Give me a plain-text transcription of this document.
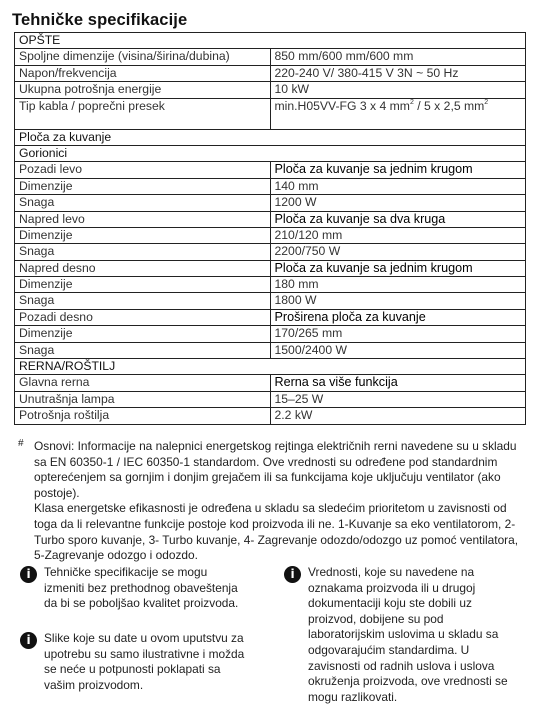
Tehničke specifikacije
OPŠTE	
Spoljne dimenzije (visina/širina/dubina)	850 mm/600 mm/600 mm
Napon/frekvencija	220-240 V/ 380-415 V 3N ~ 50 Hz
Ukupna potrošnja energije	10 kW
Tip kabla / poprečni presek	min.H05VV-FG 3 x 4 $mm^2 / 5$ x 2,5 $mm^2$
Ploča za kuvanje	
Gorionici	
Pozadi levo	Ploča za kuvanje sa jednim krugom
Dimenzije	140 mm
Snaga	1200 W
Napred levo	Ploča za kuvanje sa dva kruga
Dimenzije	210/120 mm
Snaga	2200/750 W
Napred desno	Ploča za kuvanje sa jednim krugom
Dimenzije	180 mm
Snaga	1800 W
Pozadi desno	Proširena ploča za kuvanje
Dimenzije	170/265 mm
Snaga	1500/2400 W
RERNA/ROŠTILJ	
Glavna rerna	Rerna sa više funkcija
Unutrašnja lampa	15–25 W
Potrošnja roštilja	2.2 kW
# Osnovi: Informacije na nalepnici energetskog rejtinga električnih rerni navedene su u skladu sa EN 60350-1 / IEC 60350-1 standardom. Ove vrednosti su određene pod standardnim opterećenjem sa gornjim i donjim grejačem ili sa funkcijama koje uključuju ventilator (ako postoje).

Klasa energetske efikasnosti je određena u skladu sa sledećim prioritetom u zavisnosti od toga da li relevantne funkcije postoje kod proizvoda ili ne. 1-Kuvanje sa eko ventilatorom, 2- Turbo sporo kuvanje, 3- Turbo kuvanje, 4- Zagrevanje odozdo/odozgo uz pomoć ventilatora, 5-Zagrevanje odozgo i odozdo.

i	Tehničke specifikacije se mogu izmeniti bez prethodnog obaveštenja da bi se poboljšao kvalitet proizvoda.
i	Slike koje su date u ovom uputstvu za upotrebu su samo ilustrativne i možda se neće u potpunosti poklapati sa vašim proizvodom.
i	Vrednosti, koje su navedene na oznakama proizvoda ili u drugoj dokumentaciji koju ste dobili uz proizvod, dobijene su pod laboratorijskim uslovima u skladu sa odgovarajućim standardima. U zavisnosti od radnih uslova i uslova okruženja proizvoda, ove vrednosti se mogu razlikovati.
